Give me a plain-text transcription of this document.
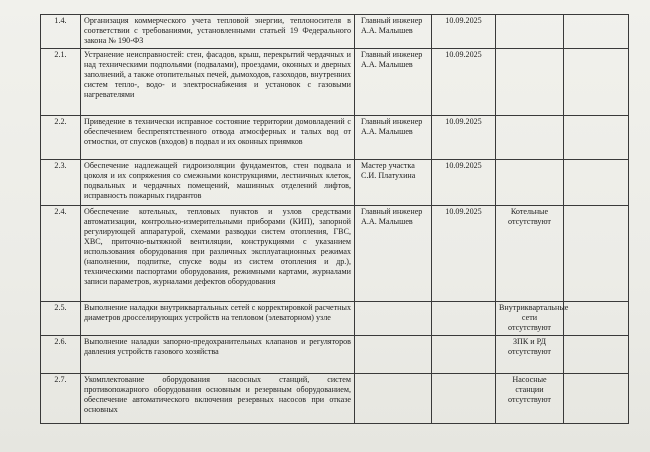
1.4.	Организация коммерческого учета тепловой энергии, теплоносителя в соответствии с требованиями, установленными статьей 19 Федерального закона № 190-ФЗ	Главный инженер
А.А. Малышев	10.09.2025	

2.1.	Устранение неисправностей: стен, фасадов, крыш, перекрытий чердачных и над техническими подпольями (подвалами), проездами, оконных и дверных заполнений, а также отопительных печей, дымоходов, газоходов, внутренних систем тепло-, водо- и электроснабжения и установок с газовыми нагревателями	Главный инженер
А.А. Малышев	10.09.2025	

2.2.	Приведение в технически исправное состояние территории домовладений с обеспечением беспрепятственного отвода атмосферных и талых вод от отмостки, от спусков (входов) в подвал и их оконных приямков	Главный инженер
А.А. Малышев	10.09.2025	

2.3.	Обеспечение надлежащей гидроизоляции фундаментов, стен подвала и цоколя и их сопряжения со смежными конструкциями, лестничных клеток, подвальных и чердачных помещений, машинных отделений лифтов, исправность пожарных гидрантов	Мастер участка
С.И. Платухина	10.09.2025	

2.4.	Обеспечение котельных, тепловых пунктов и узлов средствами автоматизации, контрольно-измерительными приборами (КИП), запорной регулирующей аппаратурой, схемами разводки систем отопления, ГВС, ХВС, приточно-вытяжной вентиляции, конструкциями с указанием использования оборудования при различных эксплуатационных режимах (наполнении, подпитке, спуске воды из систем отопления и др.), техническими паспортами оборудования, режимными картами, журналами записи параметров, журналами дефектов оборудования	Главный инженер
А.А. Малышев	10.09.2025	Котельные
отсутствуют	

2.5.	Выполнение наладки внутриквартальных сетей с корректировкой расчетных диаметров дросселирующих устройств на тепловом (элеваторном) узле			Внутриквартальные сети
отсутствуют	

2.6.	Выполнение наладки запорно-предохранительных клапанов и регуляторов давления устройств газового хозяйства			ЗПК и РД
отсутствуют	

2.7.	Укомплектование оборудования насосных станций, систем противопожарного оборудования основным и резервным оборудованием, обеспечение автоматического включения резервных насосов при отказе основных			Насосные
станции
отсутствуют	
